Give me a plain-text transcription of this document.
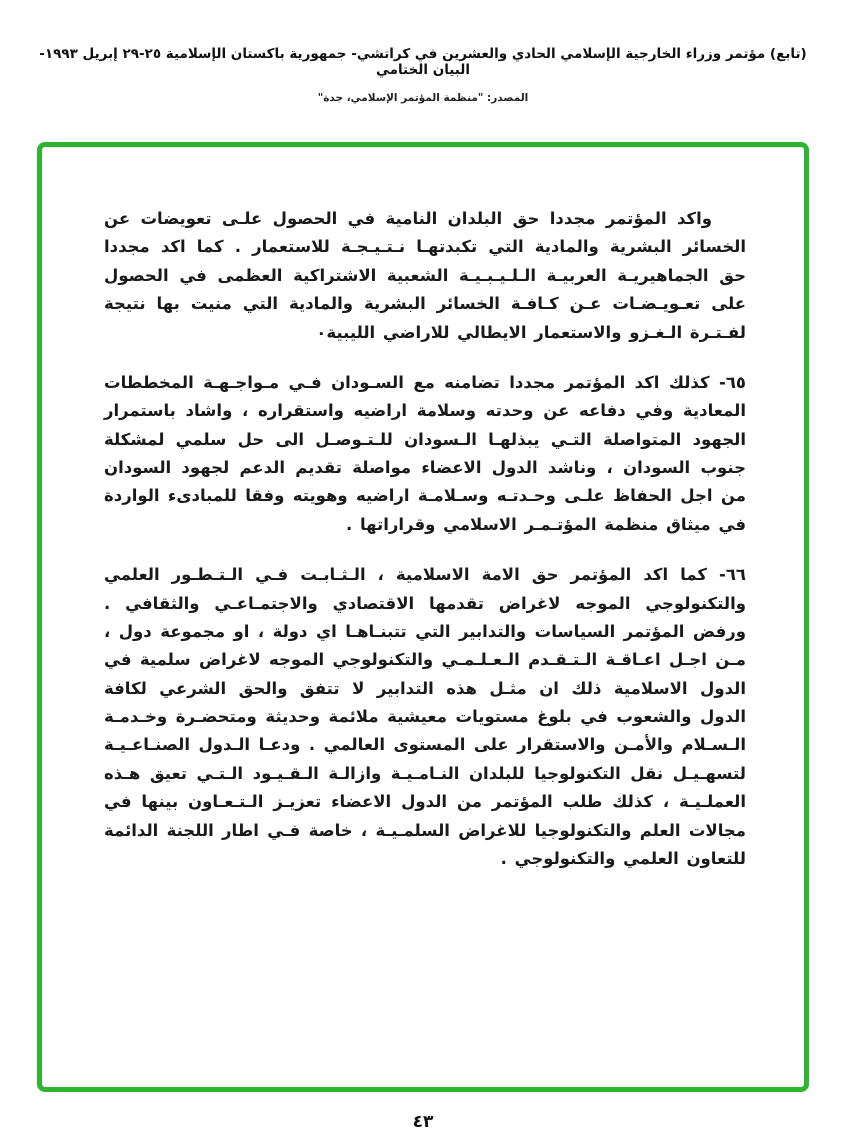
(تابع) مؤتمر وزراء الخارجية الإسلامي الحادي والعشرين في كراتشي- جمهورية باكستان الإسلامية ٢٥-٢٩ إبريل ١٩٩٣- البيان الختامي
المصدر: "منظمة المؤتمر الإسلامي، جدة"

واكد المؤتمر مجددا حق البلدان النامية في الحصول علـى تعويضات عن الخسائر البشرية والمادية التي تكبدتهـا نـتـيـجـة للاستعمار . كما اكد مجددا حق الجماهيريـة العربيـة الـلـيـبـيـة الشعبية الاشتراكية العظمى في الحصول على تعـويـضـات عـن كـافـة الخسائر البشرية والمادية التي منيت بها نتيجة لفـتـرة الـغـزو والاستعمار الايطالي للاراضي الليبية٠

٦٥- كذلك اكد المؤتمر مجددا تضامنه مع السـودان فـي مـواجـهـة المخططات المعادية وفي دفاعه عن وحدته وسلامة اراضيه واستقراره ، واشاد باستمرار الجهود المتواصلة التـي يبذلهـا الـسودان للـتـوصـل الى حل سلمي لمشكلة جنوب السودان ، وناشد الدول الاعضاء مواصلة تقديم الدعم لجهود السودان من اجل الحفاظ علـى وحـدتـه وسـلامـة اراضيه وهويته وفقا للمبادىء الواردة في ميثاق منظمة المؤتـمـر الاسلامي وقراراتها .

٦٦- كما اكد المؤتمر حق الامة الاسلامية ، الـثـابـت فـي الـتـطـور العلمي والتكنولوجي الموجه لاغراض تقدمها الاقتصادي والاجتمـاعـي والثقافي . ورفض المؤتمر السياسات والتدابير التي تتبنـاهـا اي دولة ، او مجموعة دول ، مـن اجـل اعـاقـة الـتـقـدم الـعـلـمـي والتكنولوجي الموجه لاغراض سلمية في الدول الاسلامية ذلك ان مثـل هذه التدابير لا تتفق والحق الشرعي لكافة الدول والشعوب في بلوغ مستويات معيشية ملائمة وحديثة ومتحضـرة وخـدمـة الـسـلام والأمـن والاستقرار على المستوى العالمي . ودعـا الـدول الصنـاعـيـة لتسهـيـل نقل التكنولوجيا للبلدان النـامـيـة وازالـة الـقـيـود الـتـي تعيق هـذه العملـيـة ، كذلك طلب المؤتمر من الدول الاعضاء تعزيـز الـتـعـاون بينها في مجالات العلم والتكنولوجيا للاغراض السلمـيـة ، خاصة فـي اطار اللجنة الدائمة للتعاون العلمي والتكنولوجي .

٤٣
